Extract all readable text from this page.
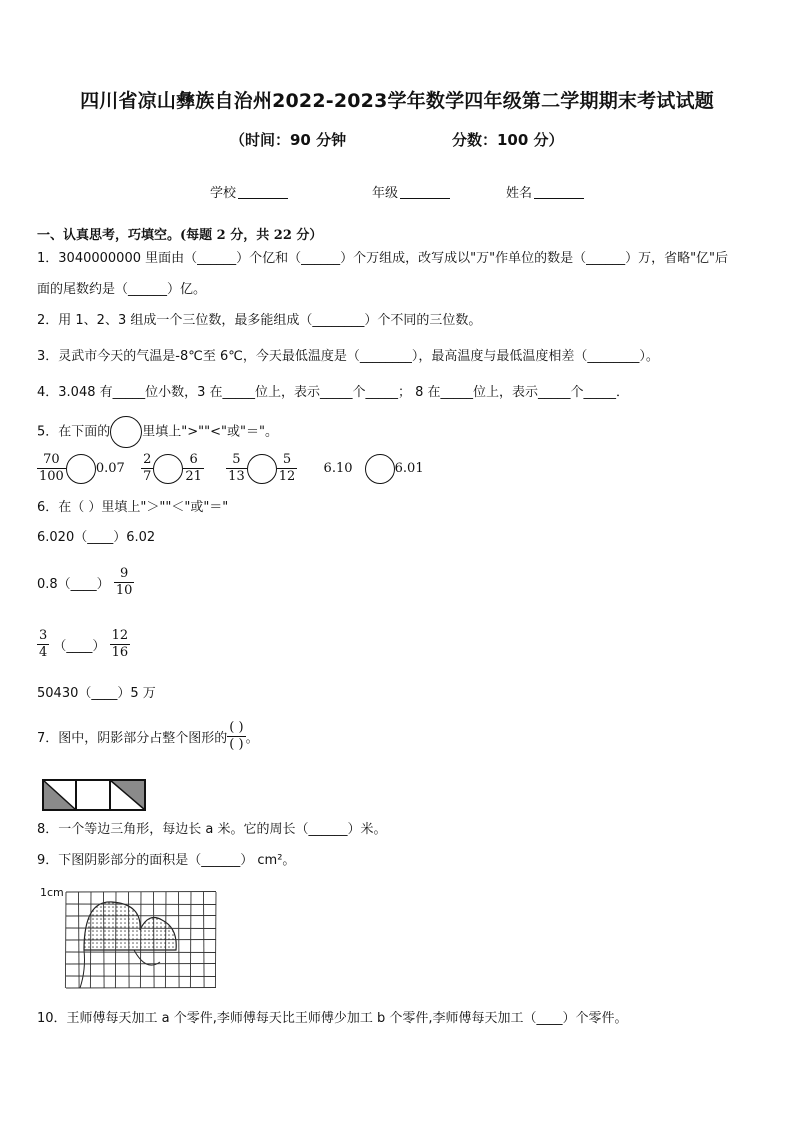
四川省凉山彝族自治州2022-2023学年数学四年级第二学期期末考试试题
（时间：90 分钟	分数：100 分）
学校	年级	姓名
一、认真思考，巧填空。(每题 2 分，共 22 分）
1．3040000000 里面由（______）个亿和（______）个万组成，改写成以"万"作单位的数是（______）万，省略"亿"后
面的尾数约是（______）亿。
2．用 1、2、3 组成一个三位数，最多能组成（________）个不同的三位数。
3．灵武市今天的气温是-8℃至 6℃，今天最低温度是（________），最高温度与最低温度相差（________）。
4．3.048 有_____位小数，3 在_____位上，表示_____个_____； 8 在_____位上，表示_____个_____．
5．在下面的 里填上">""<"或"＝"。
$\frac{70}{100} 0.07 \frac{2}{7} \frac{6}{21}$
$\frac{5}{13} \frac{5}{12} 6.10$	6.01
6．在（ ）里填上"＞""＜"或"＝"
6.020（____）6.02
0.8（____） $\frac{9}{10}$
$\frac{3}{4}$ （____） $\frac{12}{16}$
50430（____）5 万
7．图中，阴影部分占整个图形的 $\frac{( )}{( )}$ 。
8．一个等边三角形，每边长 a 米。它的周长（______）米。
9．下图阴影部分的面积是（______） cm²。
1cm
10．王师傅每天加工 a 个零件,李师傅每天比王师傅少加工 b 个零件,李师傅每天加工（____）个零件。
